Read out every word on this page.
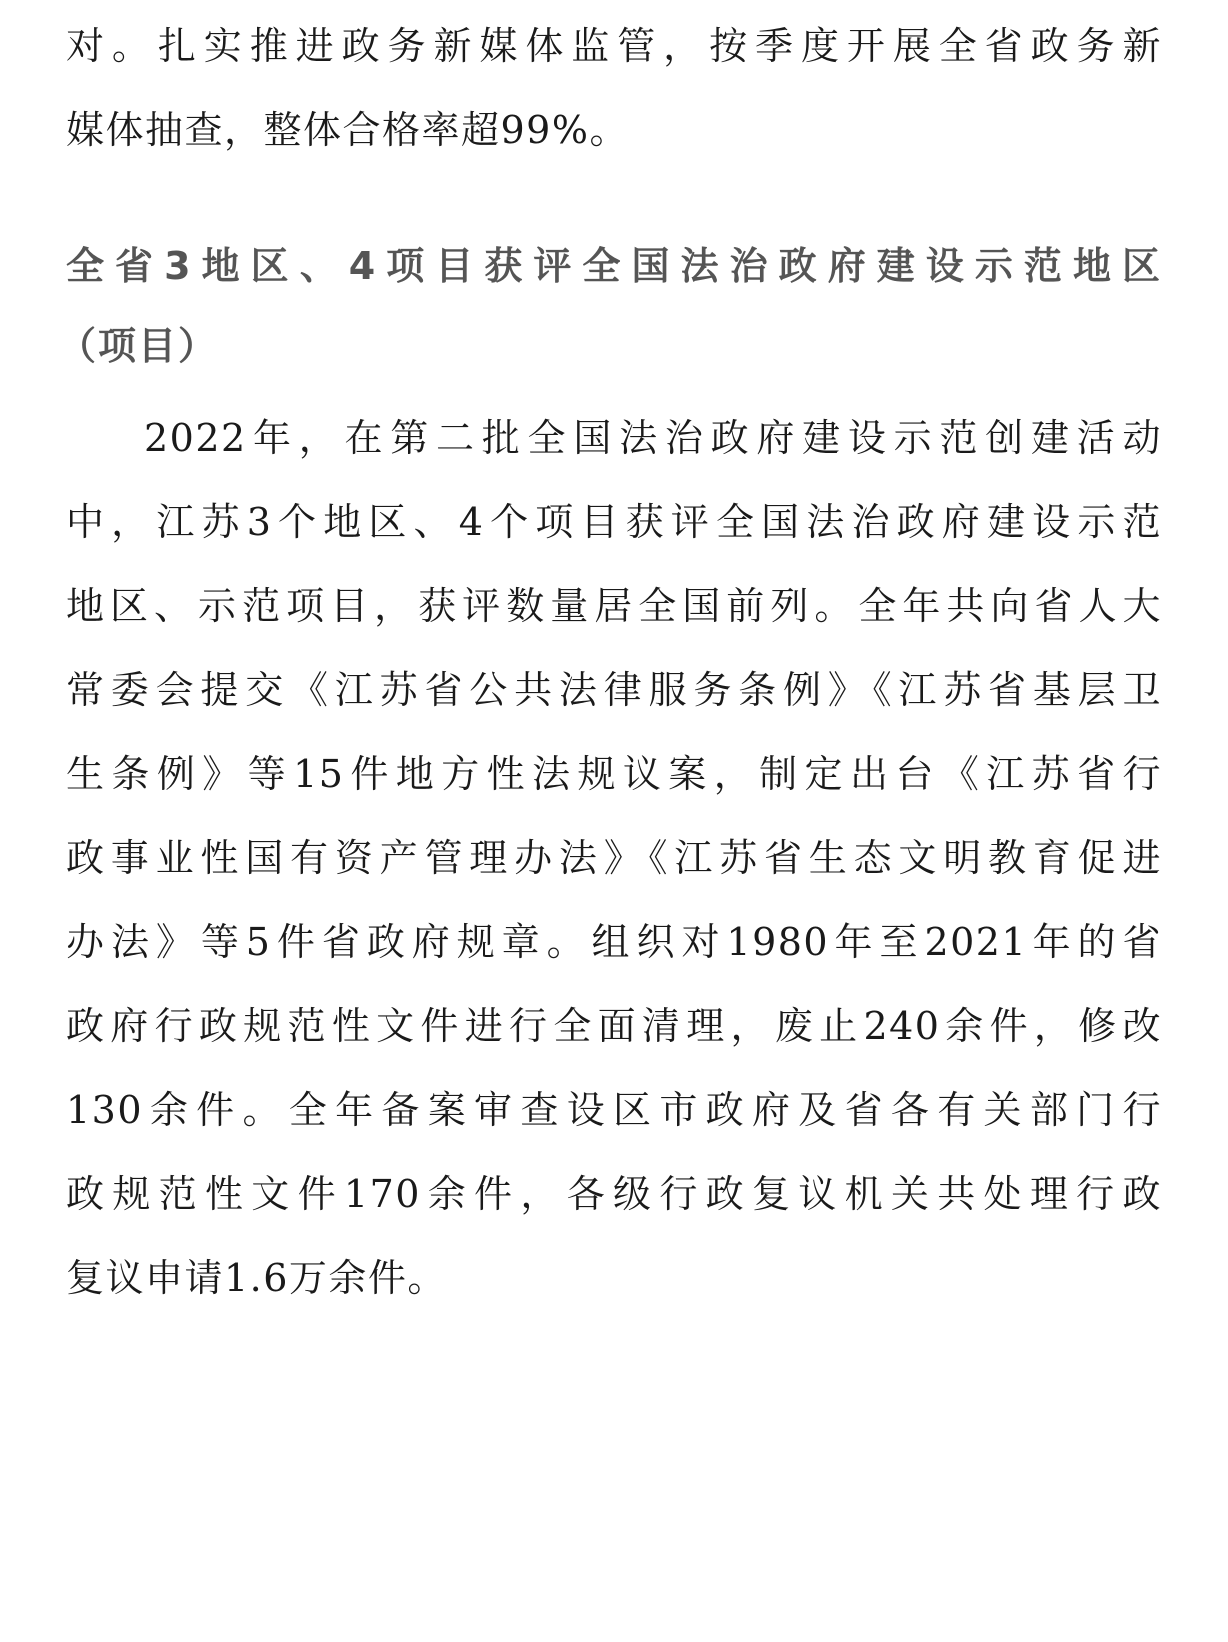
对。扎实推进政务新媒体监管，按季度开展全省政务新
媒体抽查，整体合格率超99%。
全省3地区、4项目获评全国法治政府建设示范地区
（项目）
2022年，在第二批全国法治政府建设示范创建活动
中，江苏3个地区、4个项目获评全国法治政府建设示范
地区、示范项目，获评数量居全国前列。全年共向省人大
常委会提交《江苏省公共法律服务条例》《江苏省基层卫
生条例》等15件地方性法规议案，制定出台《江苏省行
政事业性国有资产管理办法》《江苏省生态文明教育促进
办法》等5件省政府规章。组织对1980年至2021年的省
政府行政规范性文件进行全面清理，废止240余件，修改
130余件。全年备案审查设区市政府及省各有关部门行
政规范性文件170余件，各级行政复议机关共处理行政
复议申请1.6万余件。
